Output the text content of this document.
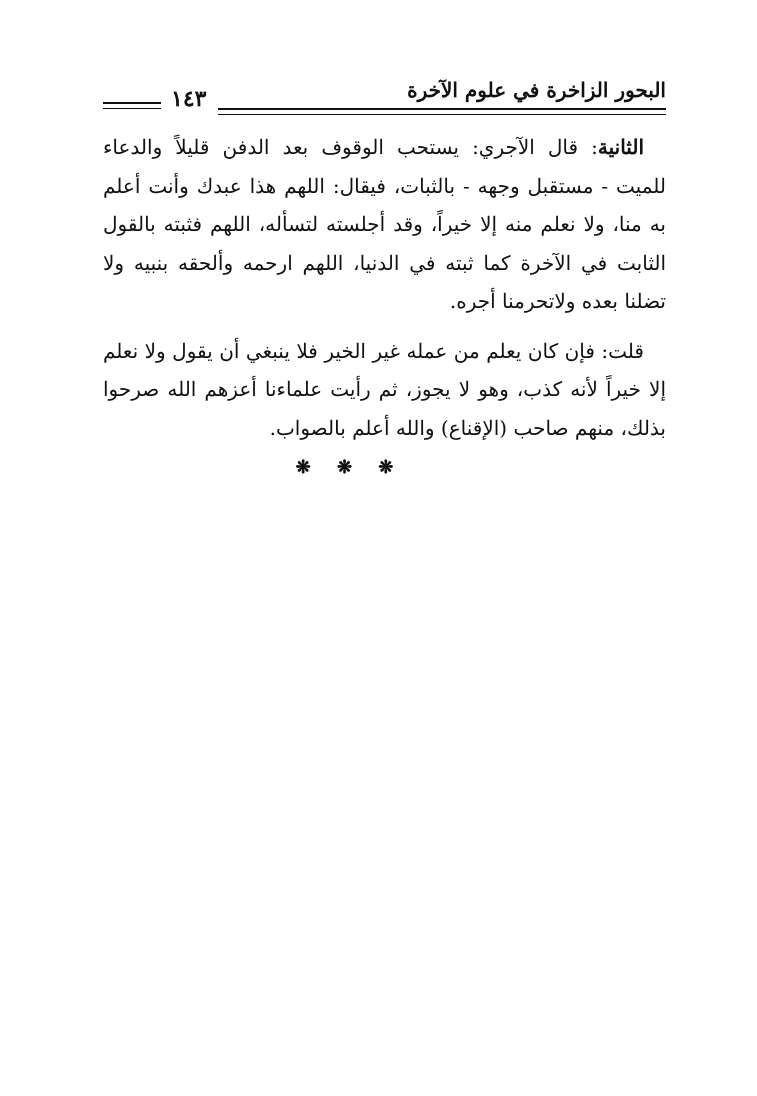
البحور الزاخرة في علوم الآخرة
١٤٣

الثانية: قال الآجري: يستحب الوقوف بعد الدفن قليلاً والدعاء للميت - مستقبل وجهه - بالثبات، فيقال: اللهم هذا عبدك وأنت أعلم به منا، ولا نعلم منه إلا خيراً، وقد أجلسته لتسأله، اللهم فثبته بالقول الثابت في الآخرة كما ثبته في الدنيا، اللهم ارحمه وألحقه بنبيه ولا تضلنا بعده ولاتحرمنا أجره.

قلت: فإن كان يعلم من عمله غير الخير فلا ينبغي أن يقول ولا نعلم إلا خيراً لأنه كذب، وهو لا يجوز، ثم رأيت علماءنا أعزهم الله صرحوا بذلك، منهم صاحب (الإقناع) والله أعلم بالصواب.

❋ ❋ ❋
